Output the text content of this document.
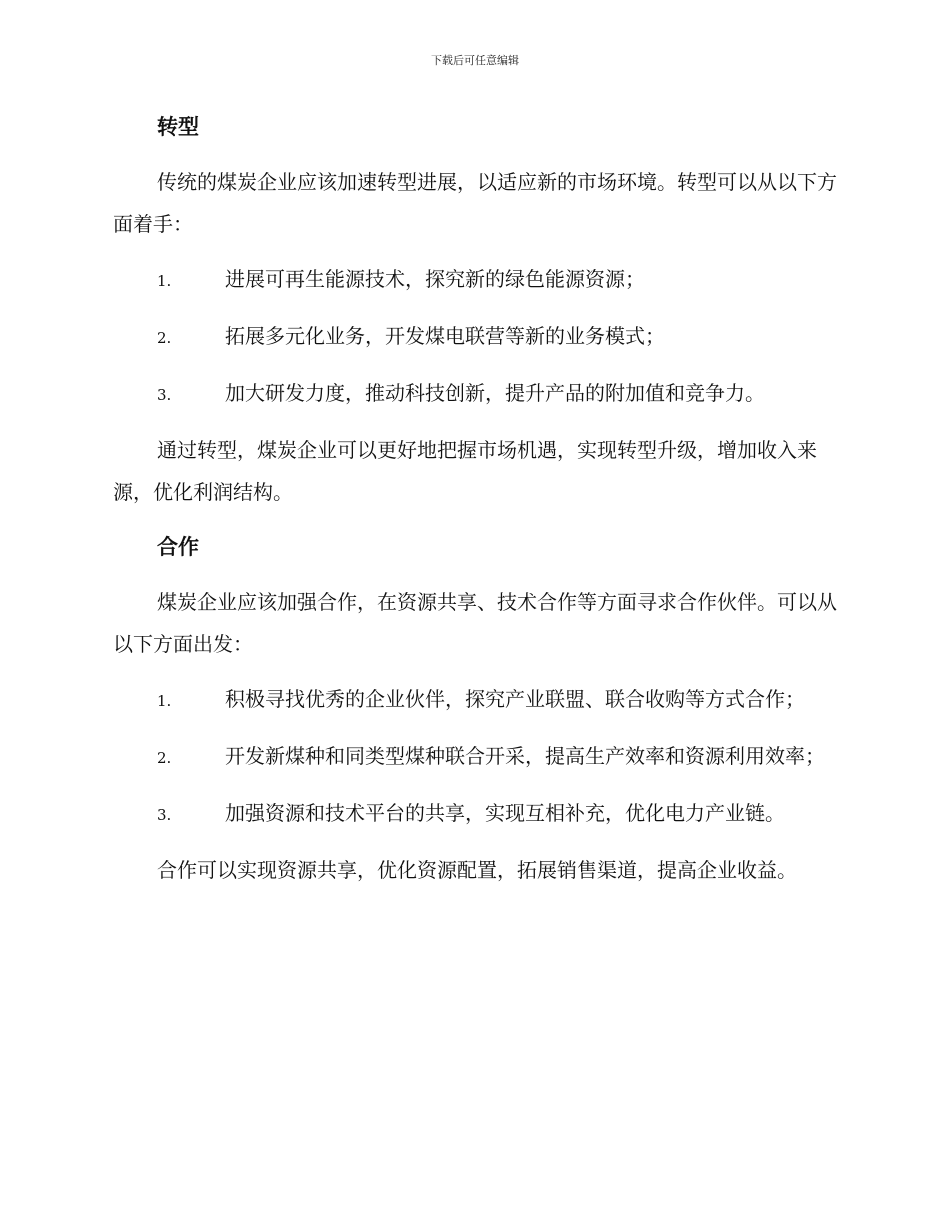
下载后可任意编辑
转型

传统的煤炭企业应该加速转型进展，以适应新的市场环境。转型可以从以下方面着手：

1.	进展可再生能源技术，探究新的绿色能源资源；

2.	拓展多元化业务，开发煤电联营等新的业务模式；

3.	加大研发力度，推动科技创新，提升产品的附加值和竞争力。

通过转型，煤炭企业可以更好地把握市场机遇，实现转型升级，增加收入来源，优化利润结构。

合作

煤炭企业应该加强合作，在资源共享、技术合作等方面寻求合作伙伴。可以从以下方面出发：

1.	积极寻找优秀的企业伙伴，探究产业联盟、联合收购等方式合作；

2.	开发新煤种和同类型煤种联合开采，提高生产效率和资源利用效率；

3.	加强资源和技术平台的共享，实现互相补充，优化电力产业链。

合作可以实现资源共享，优化资源配置，拓展销售渠道，提高企业收益。
